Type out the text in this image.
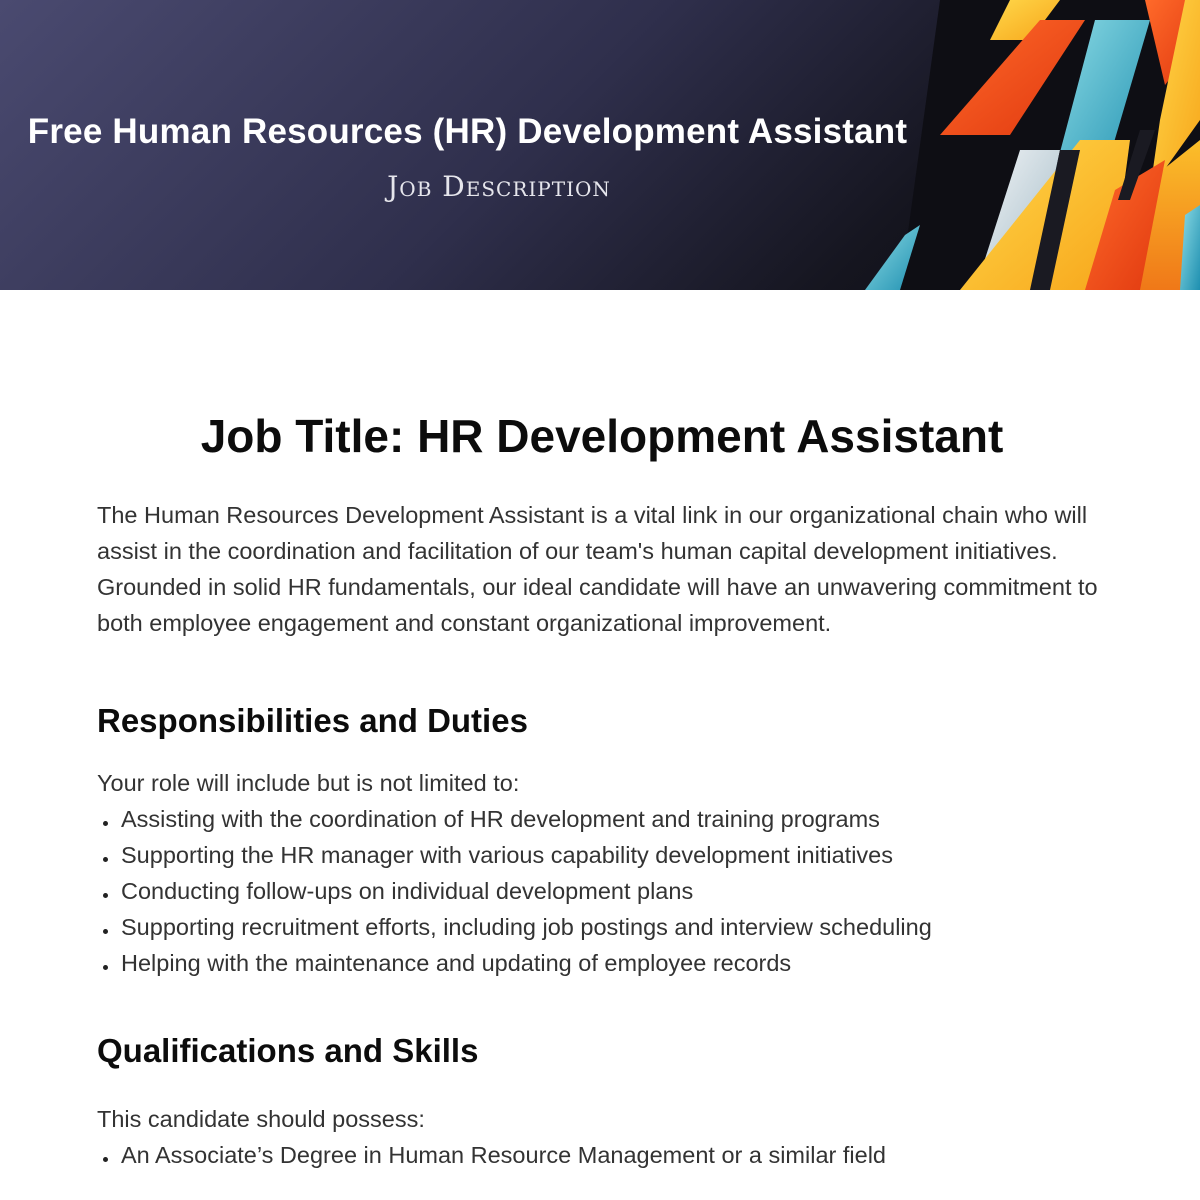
Free Human Resources (HR) Development Assistant
Job Description
Job Title: HR Development Assistant

The Human Resources Development Assistant is a vital link in our organizational chain who will assist in the coordination and facilitation of our team's human capital development initiatives. Grounded in solid HR fundamentals, our ideal candidate will have an unwavering commitment to both employee engagement and constant organizational improvement.

Responsibilities and Duties

Your role will include but is not limited to:

Assisting with the coordination of HR development and training programs
Supporting the HR manager with various capability development initiatives
Conducting follow-ups on individual development plans
Supporting recruitment efforts, including job postings and interview scheduling
Helping with the maintenance and updating of employee records
Qualifications and Skills

This candidate should possess:

An Associate’s Degree in Human Resource Management or a similar field
